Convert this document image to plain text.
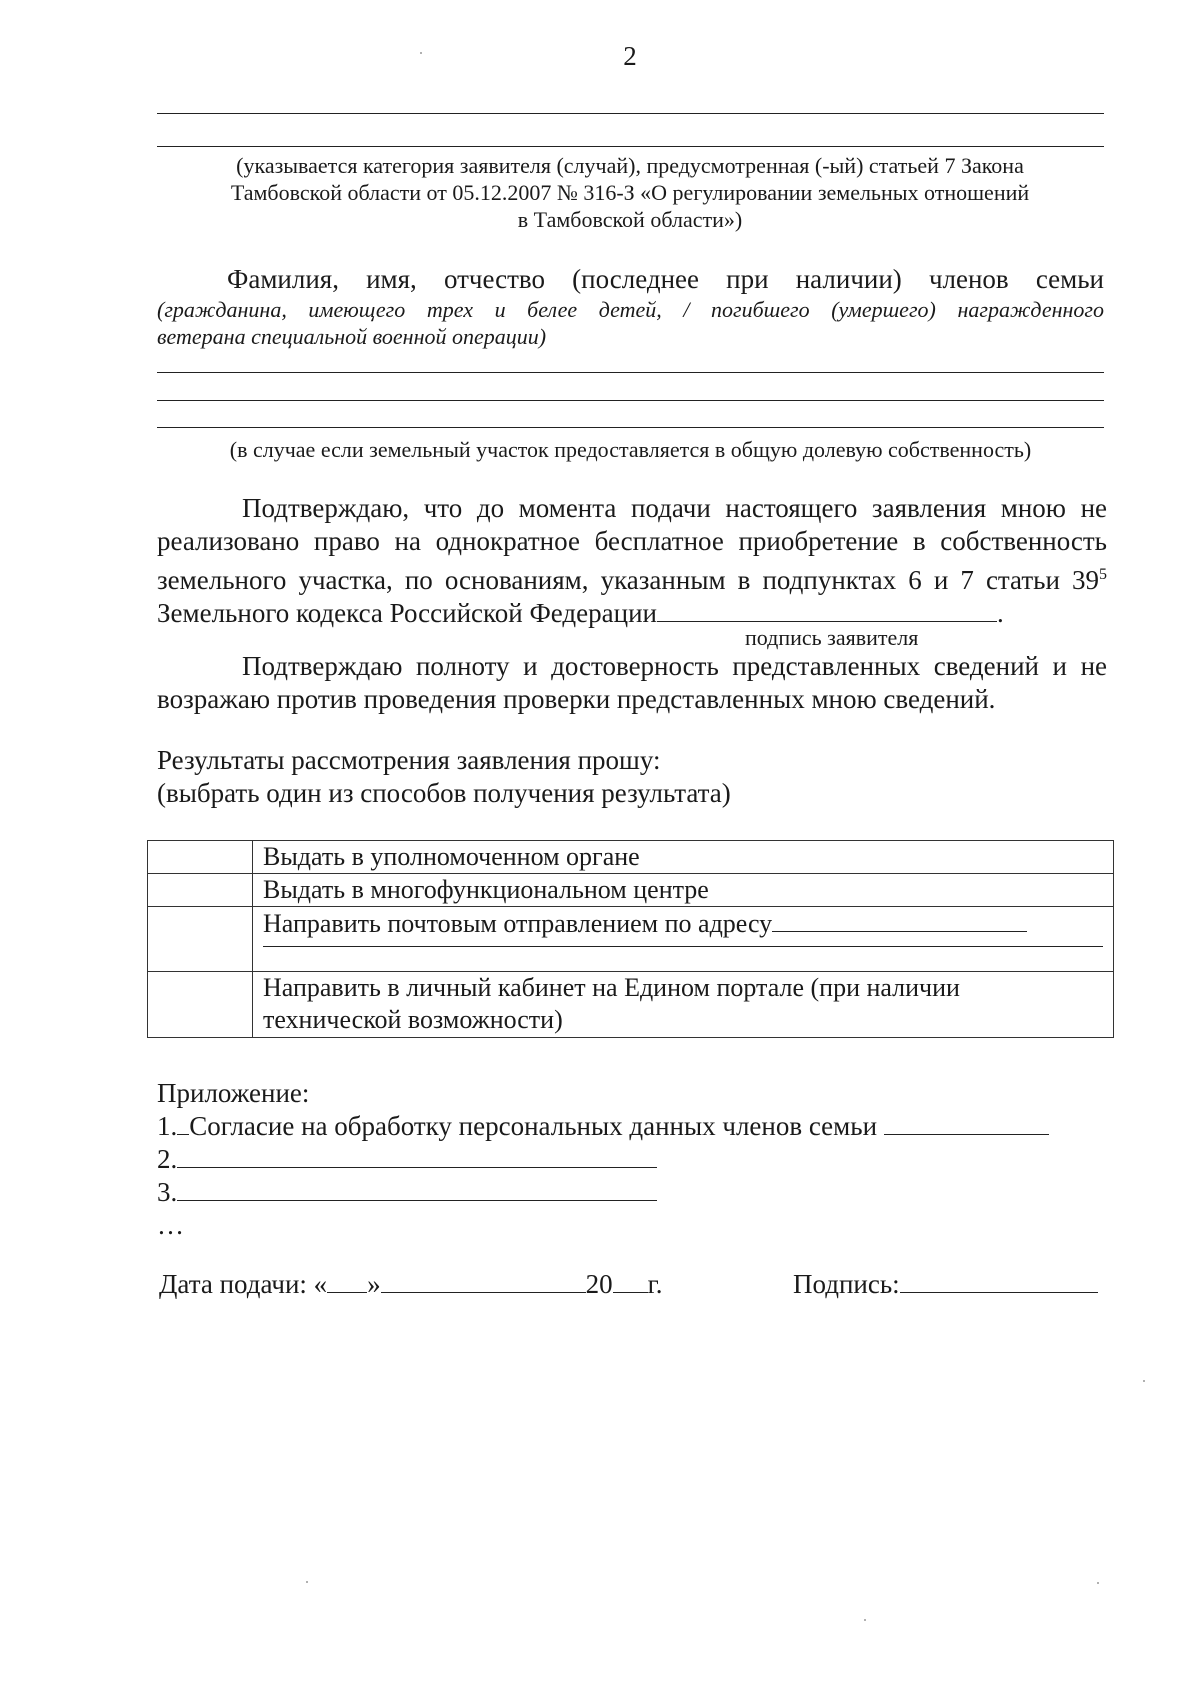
2
(указывается категория заявителя (случай), предусмотренная (-ый) статьей 7 Закона
Тамбовской области от 05.12.2007 № 316-З «О регулировании земельных отношений
в Тамбовской области»)
Фамилия, имя, отчество (последнее при наличии) членов семьи
(гражданина, имеющего трех и белее детей, / погибшего (умершего) награжденного
ветерана специальной военной операции)
(в случае если земельный участок предоставляется в общую долевую собственность)
Подтверждаю, что до момента подачи настоящего заявления мною не
реализовано право на однократное бесплатное приобретение в собственность
земельного участка, по основаниям, указанным в подпунктах 6 и 7 статьи $39^5$
Земельного кодекса Российской Федерации	.
подпись заявителя
Подтверждаю полноту и достоверность представленных сведений и не
возражаю против проведения проверки представленных мною сведений.
Результаты рассмотрения заявления прошу:
(выбрать один из способов получения результата)
	Выдать в уполномоченном органе
	Выдать в многофункциональном центре

	Направить почтовым отправлением по адресу

	Направить в личный кабинет на Едином портале (при наличии
технической возможности)
Приложение:
1. Согласие на обработку персональных данных членов семьи
2.
3.
…
Дата подачи: « »	20 г.	Подпись:
